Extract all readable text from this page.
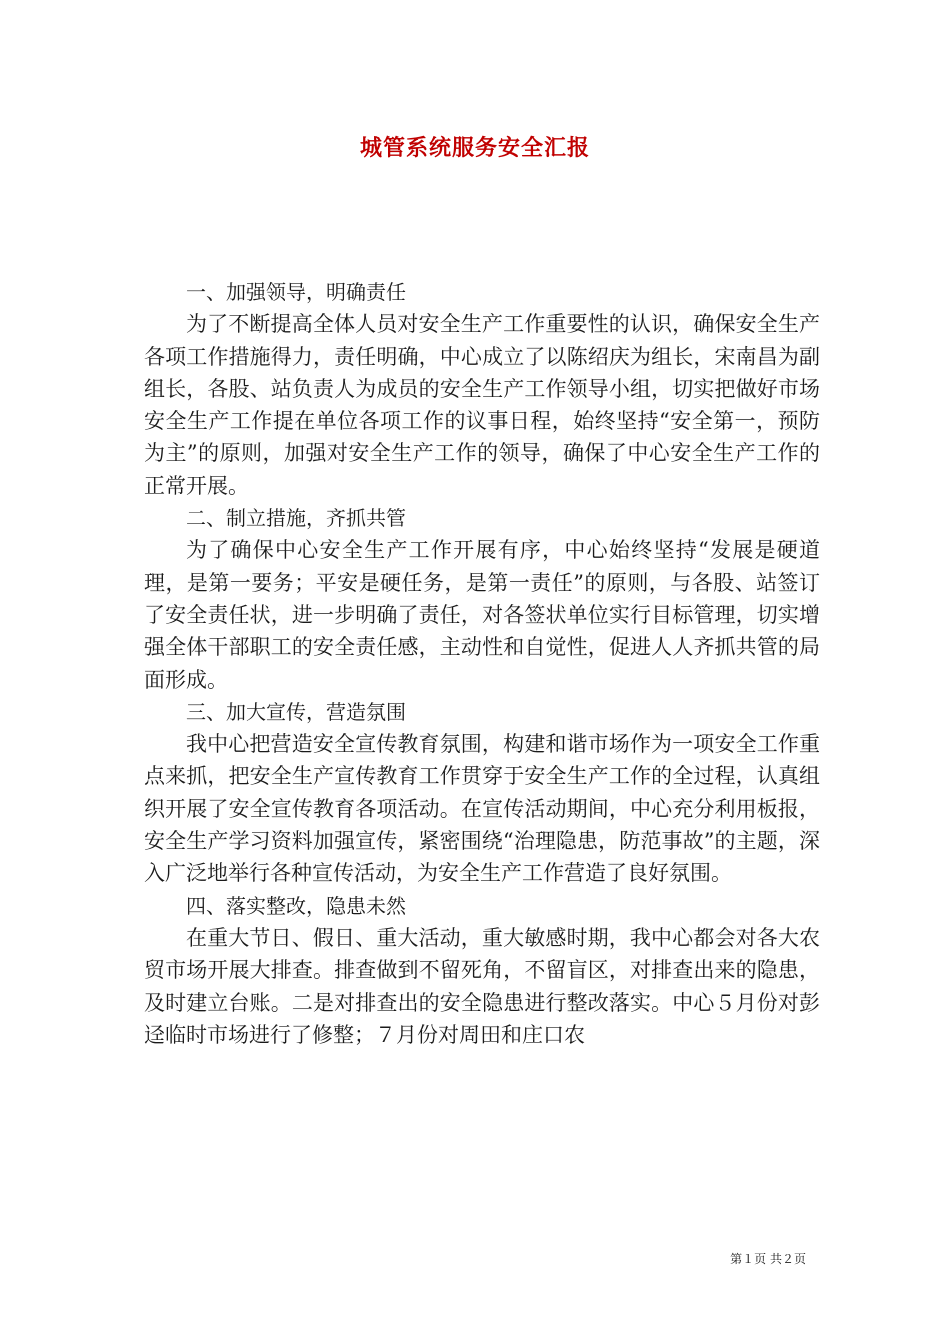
城管系统服务安全汇报

一、加强领导，明确责任

为了不断提高全体人员对安全生产工作重要性的认识，确保安全生产各项工作措施得力，责任明确，中心成立了以陈绍庆为组长，宋南昌为副组长，各股、站负责人为成员的安全生产工作领导小组，切实把做好市场安全生产工作提在单位各项工作的议事日程，始终坚持“安全第一，预防为主”的原则，加强对安全生产工作的领导，确保了中心安全生产工作的正常开展。

二、制立措施，齐抓共管

为了确保中心安全生产工作开展有序，中心始终坚持“发展是硬道理，是第一要务；平安是硬任务，是第一责任”的原则，与各股、站签订了安全责任状，进一步明确了责任，对各签状单位实行目标管理，切实增强全体干部职工的安全责任感，主动性和自觉性，促进人人齐抓共管的局面形成。

三、加大宣传，营造氛围

我中心把营造安全宣传教育氛围，构建和谐市场作为一项安全工作重点来抓，把安全生产宣传教育工作贯穿于安全生产工作的全过程，认真组织开展了安全宣传教育各项活动。在宣传活动期间，中心充分利用板报，安全生产学习资料加强宣传，紧密围绕“治理隐患，防范事故”的主题，深入广泛地举行各种宣传活动，为安全生产工作营造了良好氛围。

四、落实整改，隐患未然

在重大节日、假日、重大活动，重大敏感时期，我中心都会对各大农贸市场开展大排查。排查做到不留死角，不留盲区，对排查出来的隐患，及时建立台账。二是对排查出的安全隐患进行整改落实。中心５月份对彭迳临时市场进行了修整；７月份对周田和庄口农

第１页 共２页
